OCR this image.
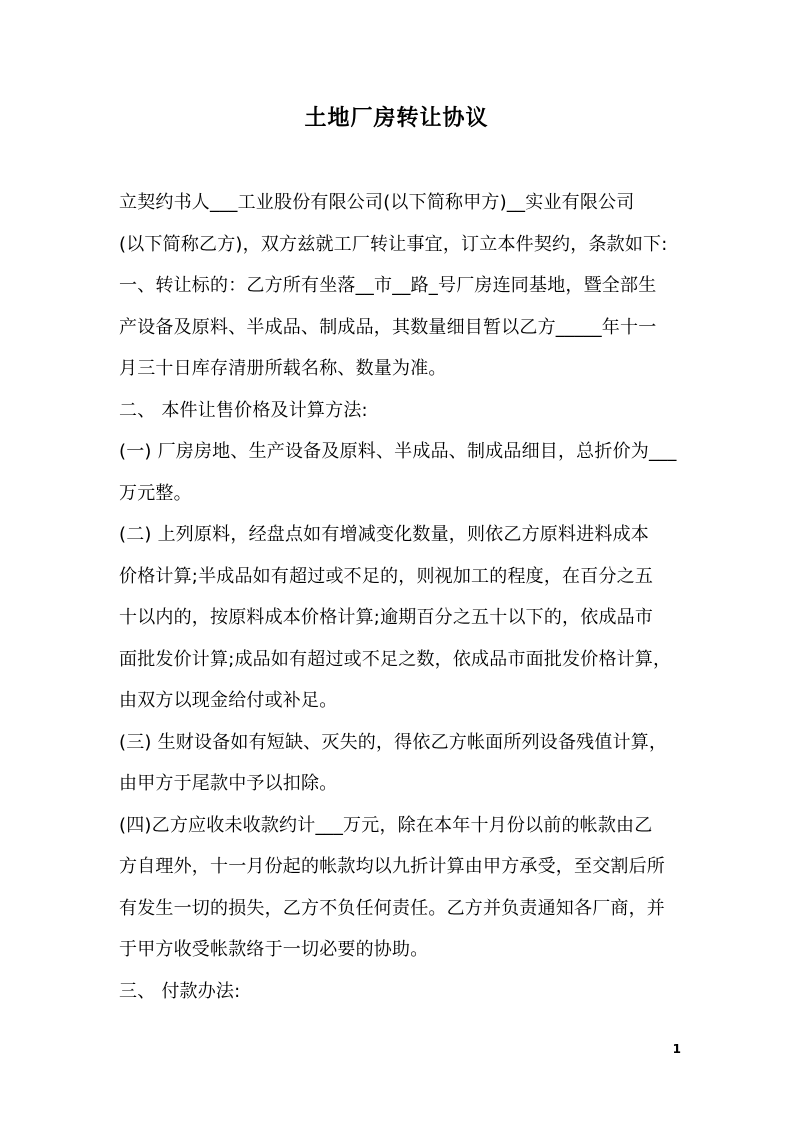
土地厂房转让协议
立契约书人___工业股份有限公司(以下简称甲方)__实业有限公司
(以下简称乙方)，双方兹就工厂转让事宜，订立本件契约，条款如下:
一、转让标的：乙方所有坐落__市__路_号厂房连同基地，暨全部生
产设备及原料、半成品、制成品，其数量细目暂以乙方_____年十一
月三十日库存清册所载名称、数量为准。
二、 本件让售价格及计算方法:
(一) 厂房房地、生产设备及原料、半成品、制成品细目，总折价为___
万元整。
(二) 上列原料，经盘点如有增减变化数量，则依乙方原料进料成本
价格计算;半成品如有超过或不足的，则视加工的程度，在百分之五
十以内的，按原料成本价格计算;逾期百分之五十以下的，依成品市
面批发价计算;成品如有超过或不足之数，依成品市面批发价格计算，
由双方以现金给付或补足。
(三) 生财设备如有短缺、灭失的，得依乙方帐面所列设备残值计算，
由甲方于尾款中予以扣除。
(四)乙方应收未收款约计___万元，除在本年十月份以前的帐款由乙
方自理外，十一月份起的帐款均以九折计算由甲方承受，至交割后所
有发生一切的损失，乙方不负任何责任。乙方并负责通知各厂商，并
于甲方收受帐款络于一切必要的协助。
三、 付款办法:
1
